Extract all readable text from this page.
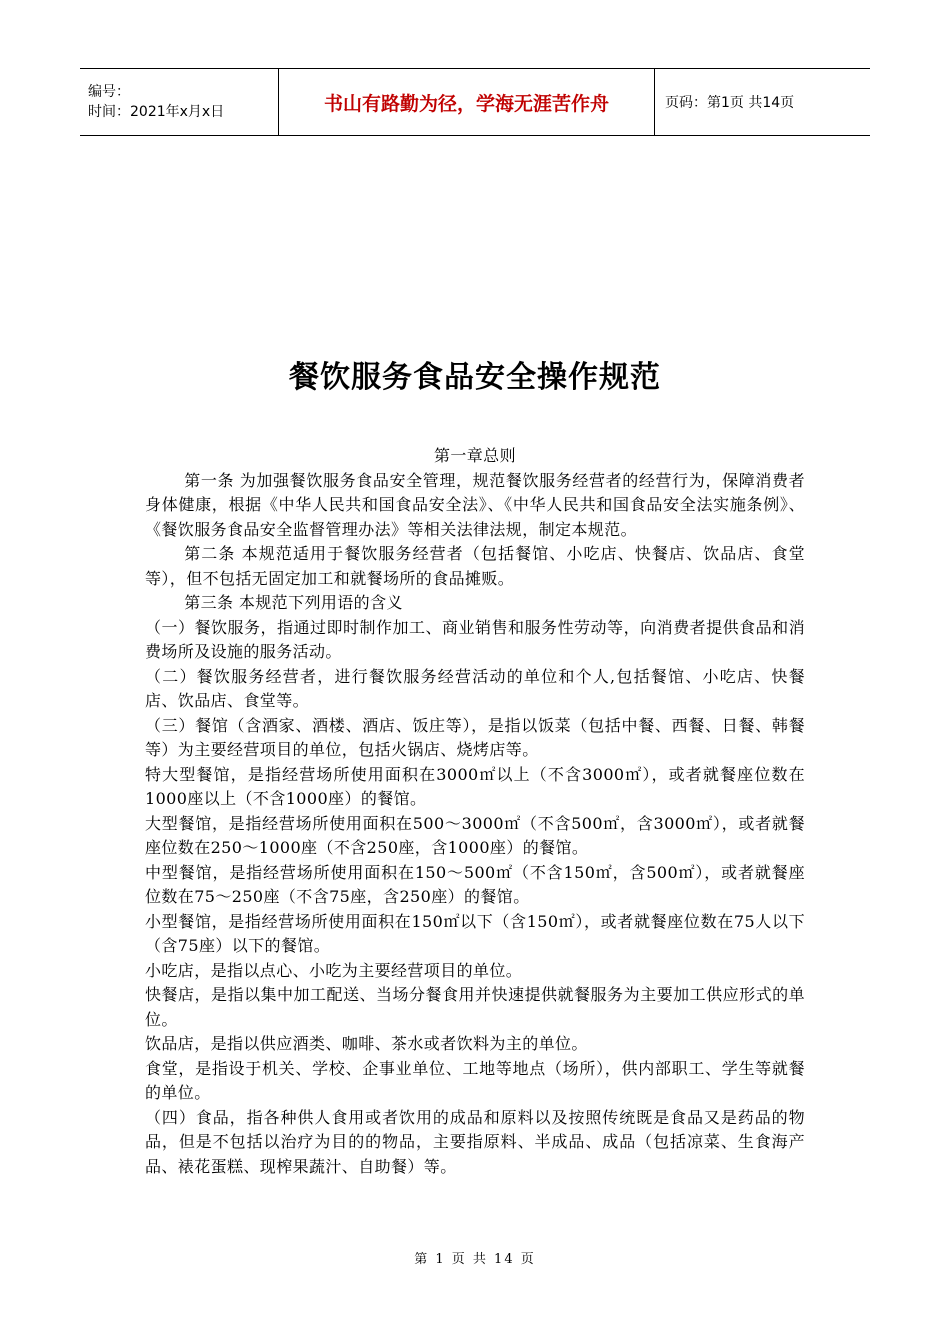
编号：
时间：2021年x月x日	书山有路勤为径，学海无涯苦作舟	页码：第1页 共14页
餐饮服务食品安全操作规范

第一章总则

第一条 为加强餐饮服务食品安全管理，规范餐饮服务经营者的经营行为，保障消费者身体健康，根据《中华人民共和国食品安全法》、《中华人民共和国食品安全法实施条例》、《餐饮服务食品安全监督管理办法》等相关法律法规，制定本规范。

第二条 本规范适用于餐饮服务经营者（包括餐馆、小吃店、快餐店、饮品店、食堂等），但不包括无固定加工和就餐场所的食品摊贩。

第三条 本规范下列用语的含义

（一）餐饮服务，指通过即时制作加工、商业销售和服务性劳动等，向消费者提供食品和消费场所及设施的服务活动。

（二）餐饮服务经营者，进行餐饮服务经营活动的单位和个人,包括餐馆、小吃店、快餐店、饮品店、食堂等。

（三）餐馆（含酒家、酒楼、酒店、饭庄等），是指以饭菜（包括中餐、西餐、日餐、韩餐等）为主要经营项目的单位，包括火锅店、烧烤店等。

特大型餐馆，是指经营场所使用面积在3000㎡以上（不含3000㎡），或者就餐座位数在1000座以上（不含1000座）的餐馆。

大型餐馆，是指经营场所使用面积在500～3000㎡（不含500㎡，含3000㎡），或者就餐座位数在250～1000座（不含250座，含1000座）的餐馆。

中型餐馆，是指经营场所使用面积在150～500㎡（不含150㎡，含500㎡），或者就餐座位数在75～250座（不含75座，含250座）的餐馆。

小型餐馆，是指经营场所使用面积在150㎡以下（含150㎡），或者就餐座位数在75人以下（含75座）以下的餐馆。

小吃店，是指以点心、小吃为主要经营项目的单位。

快餐店，是指以集中加工配送、当场分餐食用并快速提供就餐服务为主要加工供应形式的单位。

饮品店，是指以供应酒类、咖啡、茶水或者饮料为主的单位。

食堂，是指设于机关、学校、企事业单位、工地等地点（场所），供内部职工、学生等就餐的单位。

（四）食品，指各种供人食用或者饮用的成品和原料以及按照传统既是食品又是药品的物品，但是不包括以治疗为目的的物品，主要指原料、半成品、成品（包括凉菜、生食海产品、裱花蛋糕、现榨果蔬汁、自助餐）等。

第 1 页 共 14 页
